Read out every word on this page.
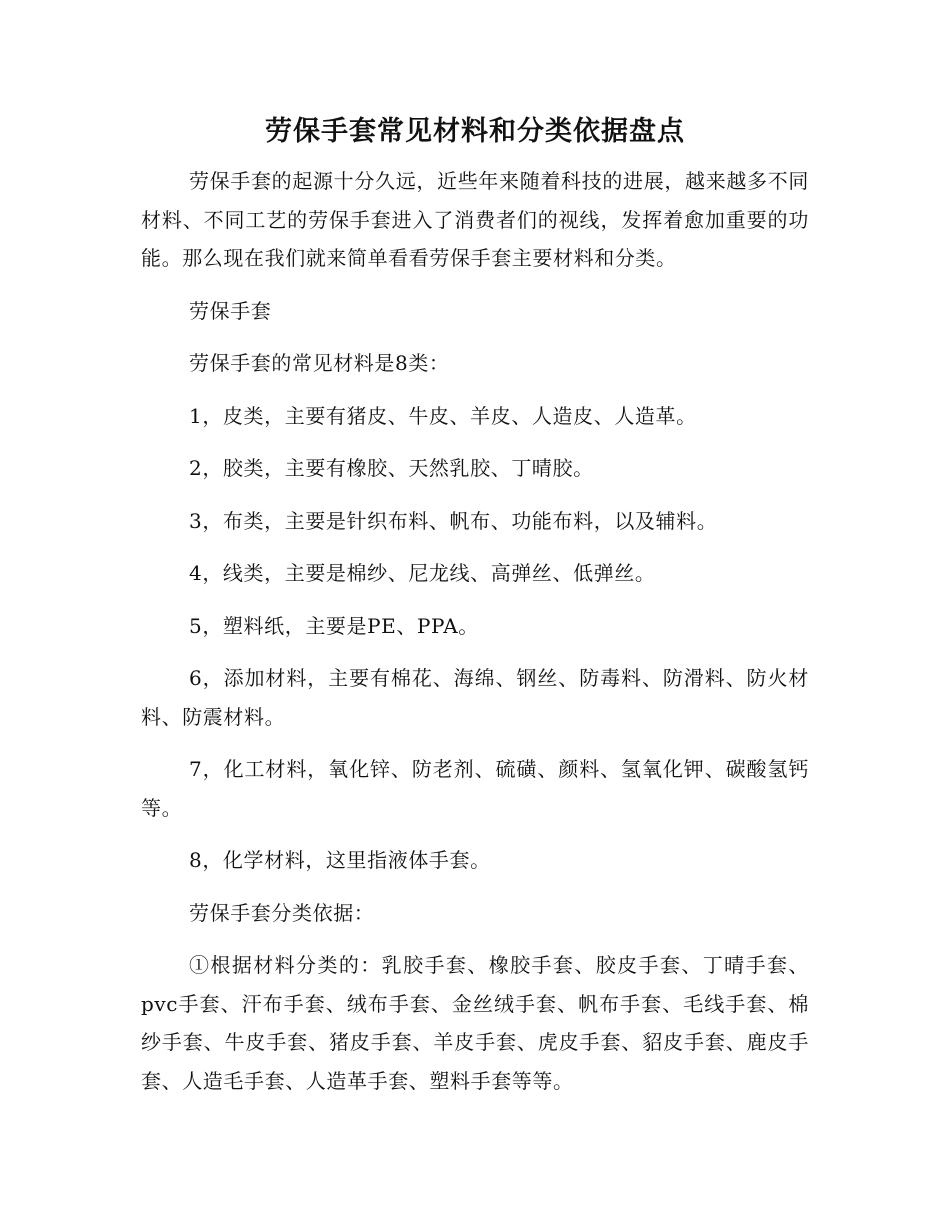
劳保手套常见材料和分类依据盘点

劳保手套的起源十分久远，近些年来随着科技的进展，越来越多不同材料、不同工艺的劳保手套进入了消费者们的视线，发挥着愈加重要的功能。那么现在我们就来简单看看劳保手套主要材料和分类。

劳保手套

劳保手套的常见材料是8类：

1，皮类，主要有猪皮、牛皮、羊皮、人造皮、人造革。

2，胶类，主要有橡胶、天然乳胶、丁晴胶。

3，布类，主要是针织布料、帆布、功能布料，以及辅料。

4，线类，主要是棉纱、尼龙线、高弹丝、低弹丝。

5，塑料纸，主要是PE、PPA。

6，添加材料，主要有棉花、海绵、钢丝、防毒料、防滑料、防火材料、防震材料。

7，化工材料，氧化锌、防老剂、硫磺、颜料、氢氧化钾、碳酸氢钙等。

8，化学材料，这里指液体手套。

劳保手套分类依据：

①根据材料分类的：乳胶手套、橡胶手套、胶皮手套、丁晴手套、pvc手套、汗布手套、绒布手套、金丝绒手套、帆布手套、毛线手套、棉纱手套、牛皮手套、猪皮手套、羊皮手套、虎皮手套、貂皮手套、鹿皮手套、人造毛手套、人造革手套、塑料手套等等。
